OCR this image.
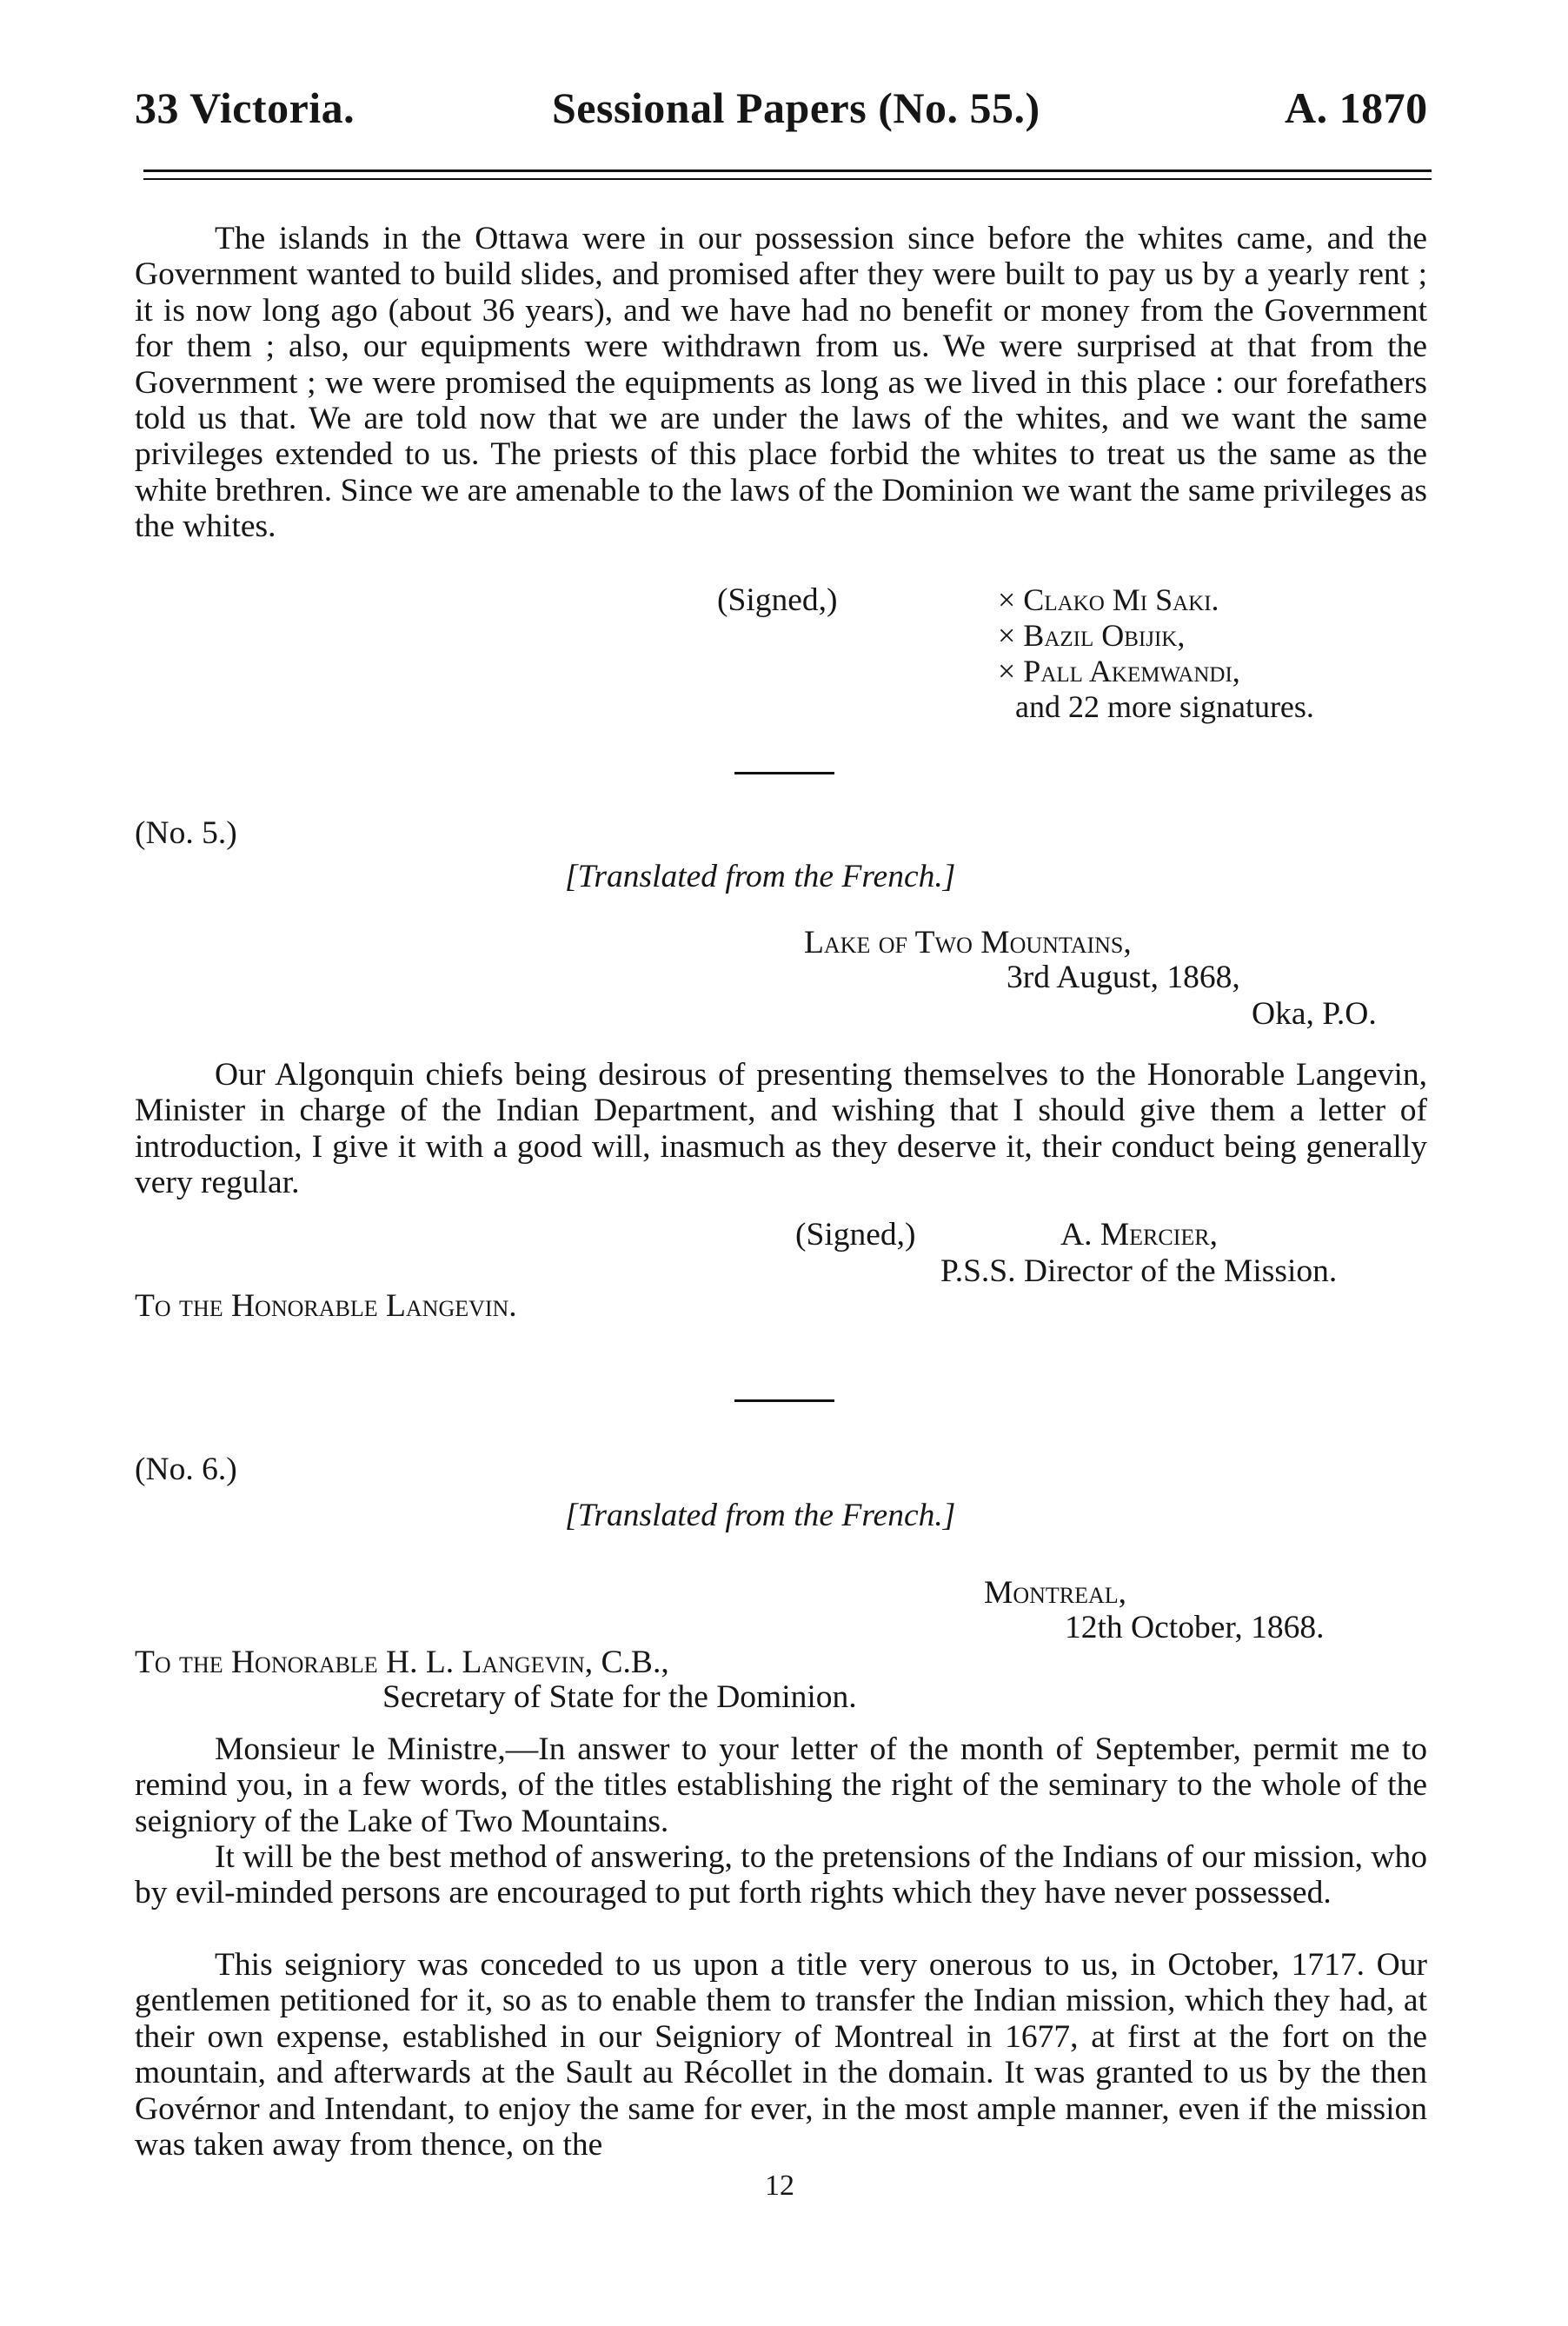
33 Victoria.	Sessional Papers (No. 55.)	A. 1870

The islands in the Ottawa were in our possession since before the whites came, and the Government wanted to build slides, and promised after they were built to pay us by a yearly rent ; it is now long ago (about 36 years), and we have had no benefit or money from the Government for them ; also, our equipments were withdrawn from us. We were surprised at that from the Government ; we were promised the equipments as long as we lived in this place : our forefathers told us that. We are told now that we are under the laws of the whites, and we want the same privileges extended to us. The priests of this place forbid the whites to treat us the same as the white brethren. Since we are amenable to the laws of the Dominion we want the same privileges as the whites.

(Signed,)	× Clako Mi Saki.
× Bazil Obijik,
× Pall Akemwandi,
and 22 more signatures.
(No. 5.)
[Translated from the French.]
Lake of Two Mountains,
3rd August, 1868,
Oka, P.O.

Our Algonquin chiefs being desirous of presenting themselves to the Honorable Langevin, Minister in charge of the Indian Department, and wishing that I should give them a letter of introduction, I give it with a good will, inasmuch as they deserve it, their conduct being generally very regular.

(Signed,)	A. Mercier,
P.S.S. Director of the Mission.
To the Honorable Langevin.
(No. 6.)
[Translated from the French.]
Montreal,
12th October, 1868.
To the Honorable H. L. Langevin, C.B.,
Secretary of State for the Dominion.

Monsieur le Ministre,—In answer to your letter of the month of September, permit me to remind you, in a few words, of the titles establishing the right of the seminary to the whole of the seigniory of the Lake of Two Mountains.

It will be the best method of answering, to the pretensions of the Indians of our mission, who by evil-minded persons are encouraged to put forth rights which they have never possessed.

This seigniory was conceded to us upon a title very onerous to us, in October, 1717. Our gentlemen petitioned for it, so as to enable them to transfer the Indian mission, which they had, at their own expense, established in our Seigniory of Montreal in 1677, at first at the fort on the mountain, and afterwards at the Sault au Récollet in the domain. It was granted to us by the then Govérnor and Intendant, to enjoy the same for ever, in the most ample manner, even if the mission was taken away from thence, on the

12
